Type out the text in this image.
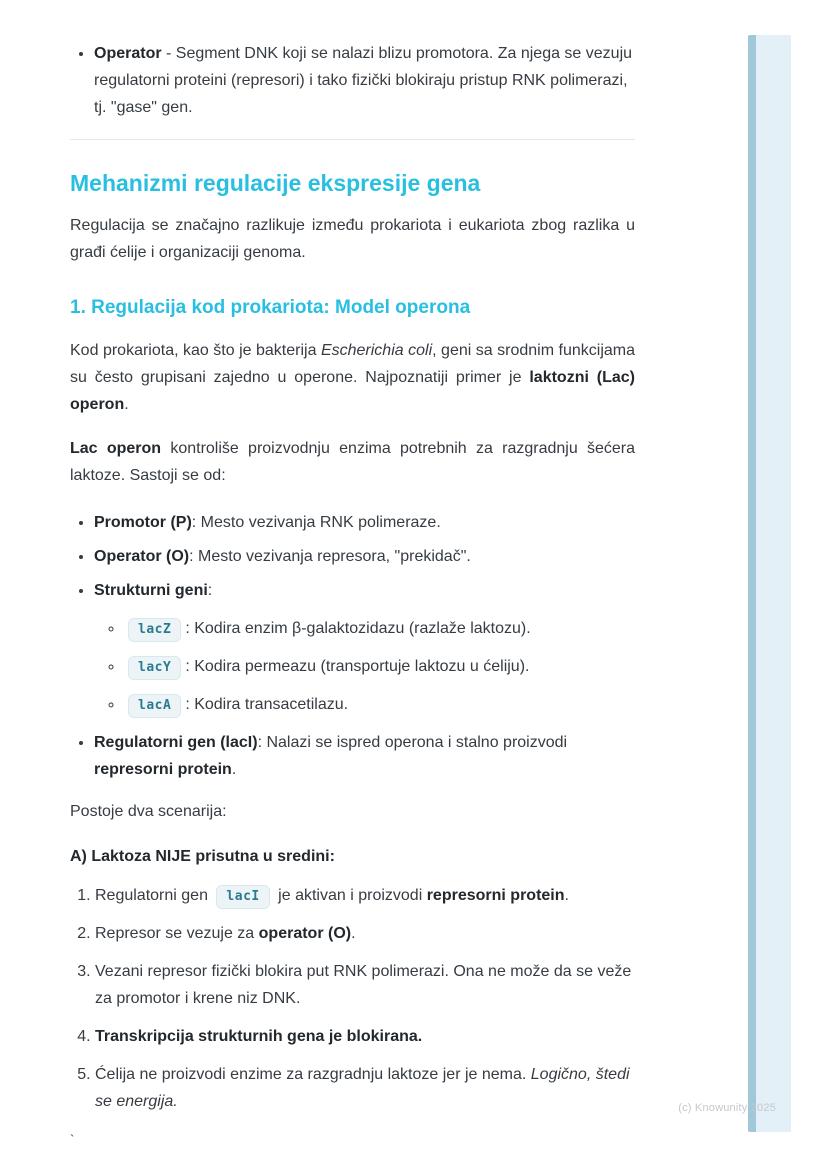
• Operator - Segment DNK koji se nalazi blizu promotora. Za njega se vezuju regulatorni proteini (represori) i tako fizički blokiraju pristup RNK polimerazi, tj. "gase" gen.
Mehanizmi regulacije ekspresije gena

Regulacija se značajno razlikuje između prokariota i eukariota zbog razlika u građi ćelije i organizaciji genoma.

1. Regulacija kod prokariota: Model operona

Kod prokariota, kao što je bakterija Escherichia coli, geni sa srodnim funkcijama su često grupisani zajedno u operone. Najpoznatiji primer je laktozni (Lac) operon.

Lac operon kontroliše proizvodnju enzima potrebnih za razgradnju šećera laktoze. Sastoji se od:

• Promotor (P): Mesto vezivanja RNK polimeraze.
• Operator (O): Mesto vezivanja represora, "prekidač".
• Strukturni geni:
◦ lacZ : Kodira enzim β-galaktozidazu (razlaže laktozu).
◦ lacY : Kodira permeazu (transportuje laktozu u ćeliju).
◦ lacA : Kodira transacetilazu.
• Regulatorni gen (lacI): Nalazi se ispred operona i stalno proizvodi represorni protein.

Postoje dva scenarija:

A) Laktoza NIJE prisutna u sredini:

1. Regulatorni gen lacI je aktivan i proizvodi represorni protein.
2. Represor se vezuje za operator (O).
3. Vezani represor fizički blokira put RNK polimerazi. Ona ne može da se veže za promotor i krene niz DNK.
4. Transkripcija strukturnih gena je blokirana.
5. Ćelija ne proizvodi enzime za razgradnju laktoze jer je nema. Logično, štedi se energija.

`

(c) Knowunity 2025
